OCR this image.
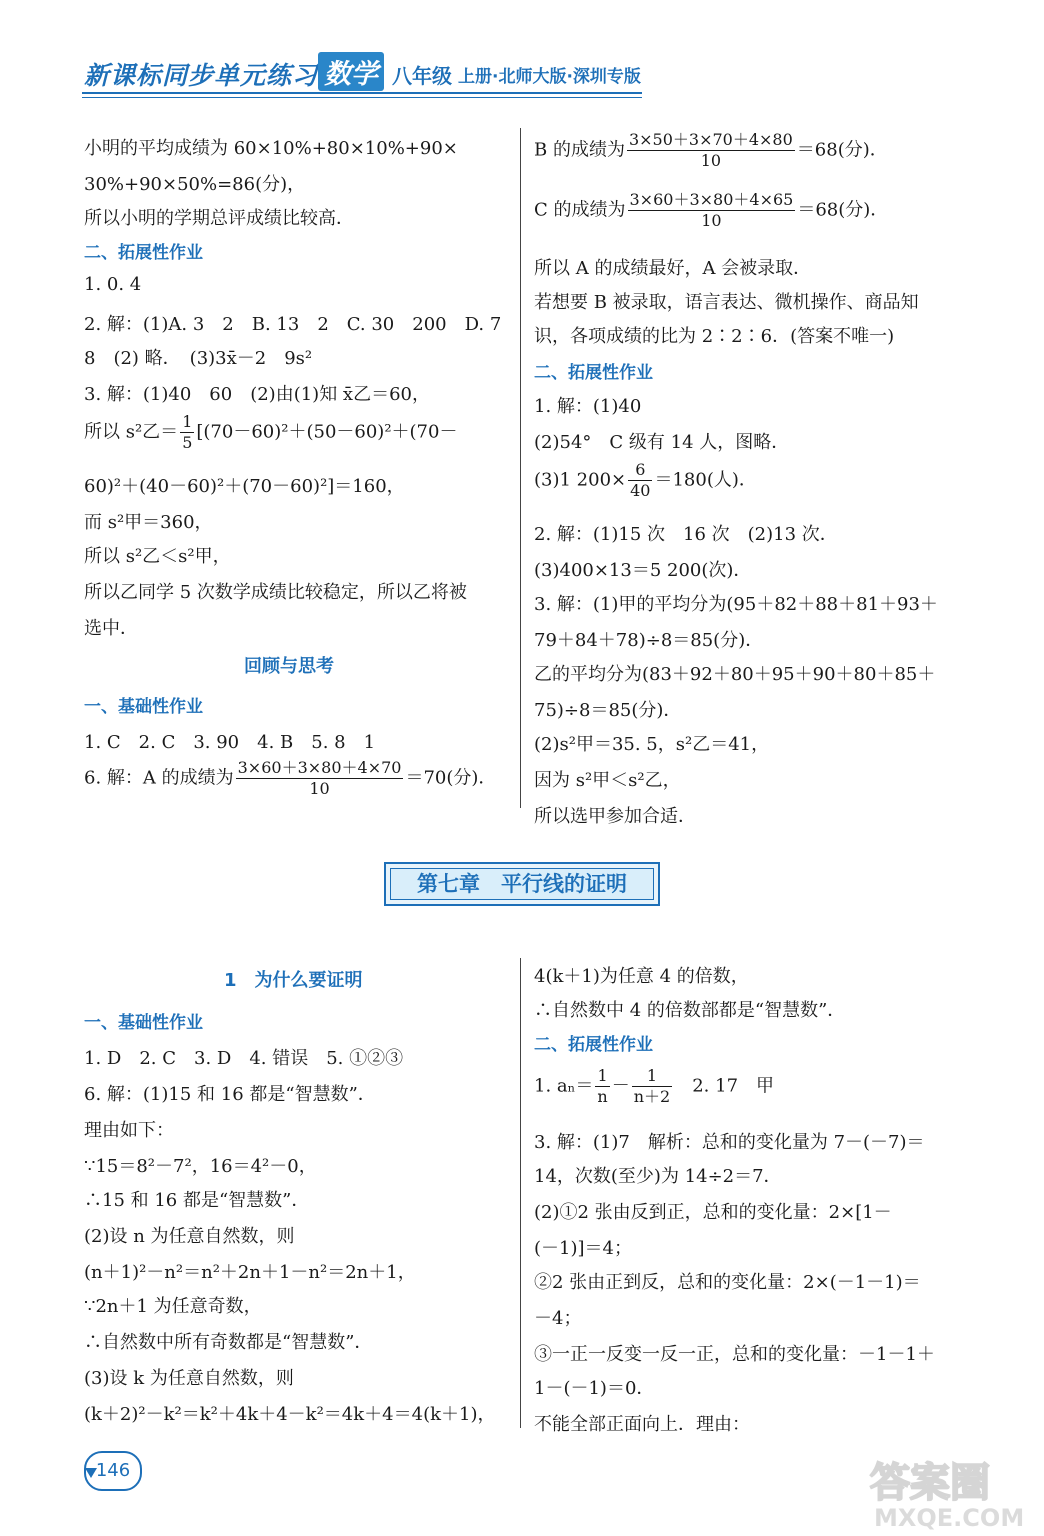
新课标同步单元练习 数学 八年级 上册·北师大版·深圳专版
小明的平均成绩为 60×10%+80×10%+90×
30%+90×50%=86(分)，
所以小明的学期总评成绩比较高．
二、拓展性作业
1. 0. 4
2. 解：(1)A. 3　2　B. 13　2　C. 30　200　D. 7
8　(2) 略．　(3)3x̄－2　9s²
3. 解：(1)40　60　(2)由(1)知 x̄乙＝60，
所以 s²乙＝ $\frac{1}{5} [(70-60)^2+(50-60)^2+(70-$
60)²＋(40－60)²＋(70－60)²]＝160，
而 s²甲＝360，
所以 s²乙＜s²甲，
所以乙同学 5 次数学成绩比较稳定，所以乙将被
选中．
回顾与思考
一、基础性作业
1. C　2. C　3. 90　4. B　5. 8　1
6. 解：A 的成绩为 $\frac{3\times 60+3\times 80+4\times 70}{10} =70$(分)．
B 的成绩为 $\frac{3\times 50+3\times 70+4\times 80}{10} =68$(分)．
C 的成绩为 $\frac{3\times 60+3\times 80+4\times 65}{10} =68$(分)．
所以 A 的成绩最好，A 会被录取．
若想要 B 被录取，语言表达、微机操作、商品知
识，各项成绩的比为 2∶2∶6．(答案不唯一)
二、拓展性作业
1. 解：(1)40
(2)54°　C 级有 14 人，图略．
(3)1 $200\times \frac{6}{40} =180$(人)．
2. 解：(1)15 次　16 次　(2)13 次．
(3)400×13＝5 200(次)．
3. 解：(1)甲的平均分为(95＋82＋88＋81＋93＋
79＋84＋78)÷8＝85(分)．
乙的平均分为(83＋92＋80＋95＋90＋80＋85＋
75)÷8＝85(分)．
(2)s²甲＝35. 5，s²乙＝41，
因为 s²甲＜s²乙，
所以选甲参加合适．
第七章　平行线的证明
1　为什么要证明
一、基础性作业
1. D　2. C　3. D　4. 错误　5. ①②③
6. 解：(1)15 和 16 都是“智慧数”．
理由如下：
∵15＝8²－7²，16＝4²－0，
∴15 和 16 都是“智慧数”．
(2)设 n 为任意自然数，则
(n＋1)²－n²＝n²＋2n＋1－n²＝2n＋1，
∵2n＋1 为任意奇数，
∴自然数中所有奇数都是“智慧数”．
(3)设 k 为任意自然数，则
(k＋2)²－k²＝k²＋4k＋4－k²＝4k＋4＝4(k＋1)，
4(k＋1)为任意 4 的倍数，
∴自然数中 4 的倍数部都是“智慧数”．
二、拓展性作业
1. $a_n= \frac{1}{n} - \frac{1}{n+2}$ 　2. 17　甲
3. 解：(1)7　解析：总和的变化量为 7－(－7)＝
14，次数(至少)为 14÷2＝7．
(2)①2 张由反到正，总和的变化量：2×[1－
(－1)]＝4；
②2 张由正到反，总和的变化量：2×(－1－1)＝
－4；
③一正一反变一反一正，总和的变化量：－1－1＋
1－(－1)＝0．
不能全部正面向上．理由：
146	答案圈
MXQE.COM
